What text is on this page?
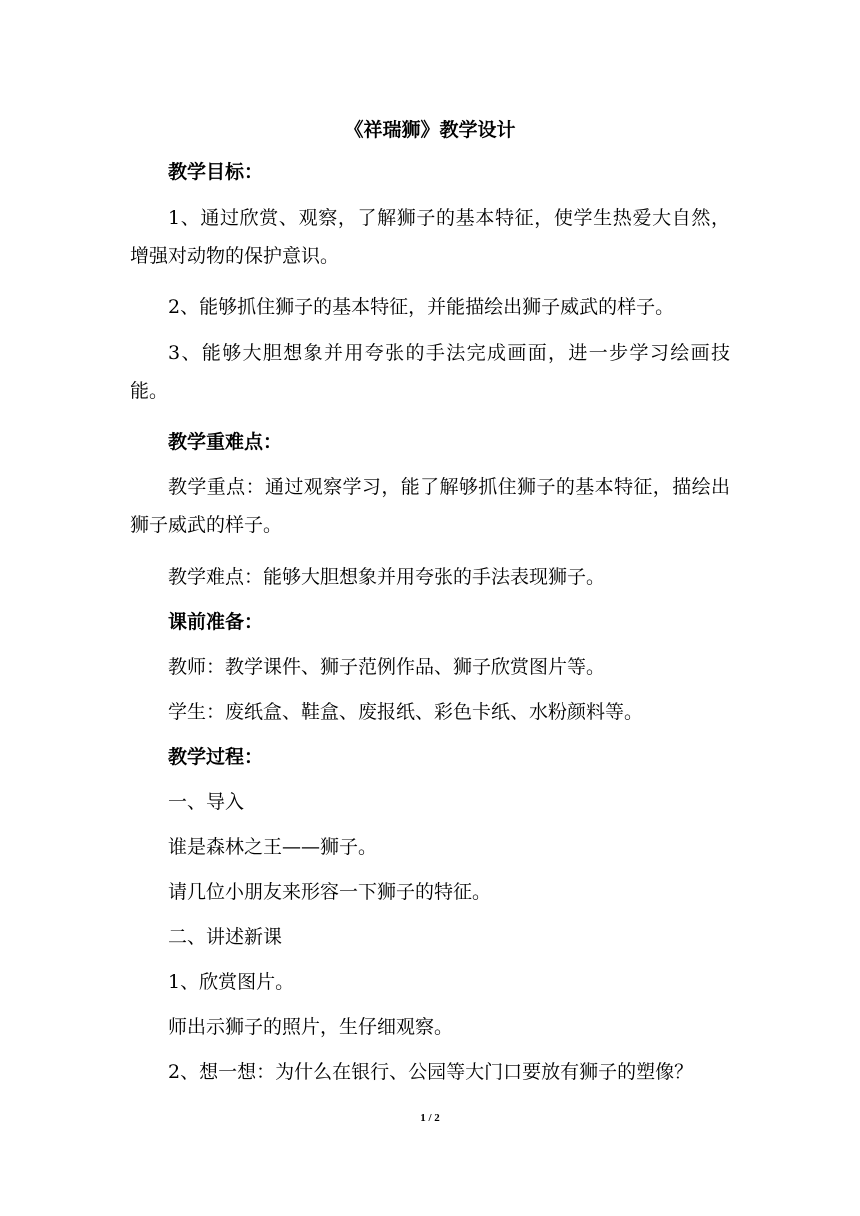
《祥瑞狮》教学设计
教学目标：
1、通过欣赏、观察，了解狮子的基本特征，使学生热爱大自然，增强对动物的保护意识。
2、能够抓住狮子的基本特征，并能描绘出狮子威武的样子。
3、能够大胆想象并用夸张的手法完成画面，进一步学习绘画技能。
教学重难点：
教学重点：通过观察学习，能了解够抓住狮子的基本特征，描绘出狮子威武的样子。
教学难点：能够大胆想象并用夸张的手法表现狮子。
课前准备：
教师：教学课件、狮子范例作品、狮子欣赏图片等。
学生：废纸盒、鞋盒、废报纸、彩色卡纸、水粉颜料等。
教学过程：
一、导入
谁是森林之王——狮子。
请几位小朋友来形容一下狮子的特征。
二、讲述新课
1、欣赏图片。
师出示狮子的照片，生仔细观察。
2、想一想：为什么在银行、公园等大门口要放有狮子的塑像？
1 / 2
